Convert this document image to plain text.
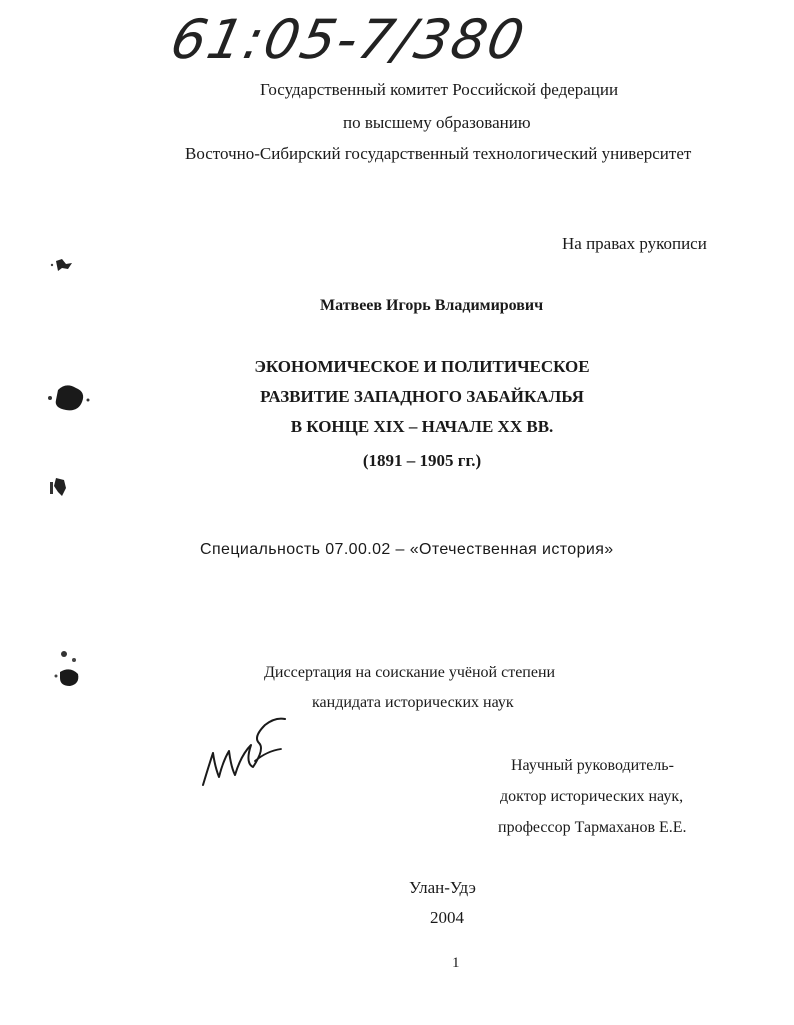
61:05-7/380
Государственный комитет Российской федерации
по высшему образованию
Восточно-Сибирский государственный технологический университет
На правах рукописи
Матвеев Игорь Владимирович
ЭКОНОМИЧЕСКОЕ И ПОЛИТИЧЕСКОЕ
РАЗВИТИЕ ЗАПАДНОГО ЗАБАЙКАЛЬЯ
В КОНЦЕ XIX – НАЧАЛЕ XX ВВ.
(1891 – 1905 гг.)
Специальность 07.00.02 – «Отечественная история»
Диссертация на соискание учёной степени
кандидата исторических наук
Научный руководитель-
доктор исторических наук,
профессор Тармаханов Е.Е.
Улан-Удэ
2004
1
